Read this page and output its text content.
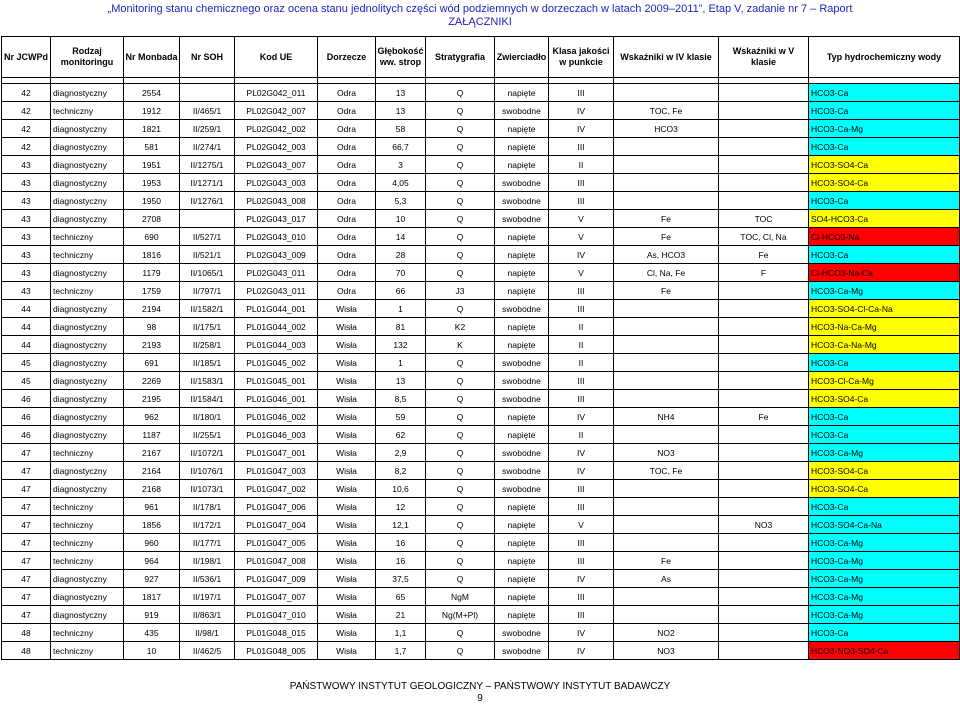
„Monitoring stanu chemicznego oraz ocena stanu jednolitych części wód podziemnych w dorzeczach w latach 2009–2011”, Etap V, zadanie nr 7 – Raport
ZAŁĄCZNIKI
Nr JCWPd	Rodzaj monitoringu	Nr Monbada	Nr SOH	Kod UE	Dorzecze	Głębokość ww. strop	Stratygrafia	Zwierciadło	Klasa jakości w punkcie	Wskaźniki w IV klasie	Wskaźniki w V klasie	Typ hydrochemiczny wody

42	diagnostyczny	2554		PL02G042_011	Odra	13	Q	napięte	III			HCO3-Ca
42	techniczny	1912	II/465/1	PL02G042_007	Odra	13	Q	swobodne	IV	TOC, Fe		HCO3-Ca
42	diagnostyczny	1821	II/259/1	PL02G042_002	Odra	58	Q	napięte	IV	HCO3		HCO3-Ca-Mg
42	diagnostyczny	581	II/274/1	PL02G042_003	Odra	66,7	Q	napięte	III			HCO3-Ca
43	diagnostyczny	1951	II/1275/1	PL02G043_007	Odra	3	Q	napięte	II			HCO3-SO4-Ca
43	diagnostyczny	1953	II/1271/1	PL02G043_003	Odra	4,05	Q	swobodne	III			HCO3-SO4-Ca
43	diagnostyczny	1950	II/1276/1	PL02G043_008	Odra	5,3	Q	swobodne	III			HCO3-Ca
43	diagnostyczny	2708		PL02G043_017	Odra	10	Q	swobodne	V	Fe	TOC	SO4-HCO3-Ca
43	techniczny	690	II/527/1	PL02G043_010	Odra	14	Q	napięte	V	Fe	TOC, Cl, Na	Cl-HCO3-Na
43	techniczny	1816	II/521/1	PL02G043_009	Odra	28	Q	napięte	IV	As, HCO3	Fe	HCO3-Ca
43	diagnostyczny	1179	II/1065/1	PL02G043_011	Odra	70	Q	napięte	V	Cl, Na, Fe	F	Cl-HCO3-Na-Ca
43	techniczny	1759	II/797/1	PL02G043_011	Odra	66	J3	napięte	III	Fe		HCO3-Ca-Mg
44	diagnostyczny	2194	II/1582/1	PL01G044_001	Wisła	1	Q	swobodne	III			HCO3-SO4-Cl-Ca-Na
44	diagnostyczny	98	II/175/1	PL01G044_002	Wisła	81	K2	napięte	II			HCO3-Na-Ca-Mg
44	diagnostyczny	2193	II/258/1	PL01G044_003	Wisła	132	K	napięte	II			HCO3-Ca-Na-Mg
45	diagnostyczny	691	II/185/1	PL01G045_002	Wisła	1	Q	swobodne	II			HCO3-Ca
45	diagnostyczny	2269	II/1583/1	PL01G045_001	Wisła	13	Q	swobodne	III			HCO3-Cl-Ca-Mg
46	diagnostyczny	2195	II/1584/1	PL01G046_001	Wisła	8,5	Q	swobodne	III			HCO3-SO4-Ca
46	diagnostyczny	962	II/180/1	PL01G046_002	Wisła	59	Q	napięte	IV	NH4	Fe	HCO3-Ca
46	diagnostyczny	1187	II/255/1	PL01G046_003	Wisła	62	Q	napięte	II			HCO3-Ca
47	techniczny	2167	II/1072/1	PL01G047_001	Wisła	2,9	Q	swobodne	IV	NO3		HCO3-Ca-Mg
47	diagnostyczny	2164	II/1076/1	PL01G047_003	Wisła	8,2	Q	swobodne	IV	TOC, Fe		HCO3-SO4-Ca
47	diagnostyczny	2168	II/1073/1	PL01G047_002	Wisła	10,6	Q	swobodne	III			HCO3-SO4-Ca
47	techniczny	961	II/178/1	PL01G047_006	Wisła	12	Q	napięte	III			HCO3-Ca
47	techniczny	1856	II/172/1	PL01G047_004	Wisła	12,1	Q	napięte	V		NO3	HCO3-SO4-Ca-Na
47	techniczny	960	II/177/1	PL01G047_005	Wisła	16	Q	napięte	III			HCO3-Ca-Mg
47	techniczny	964	II/198/1	PL01G047_008	Wisła	16	Q	napięte	III	Fe		HCO3-Ca-Mg
47	diagnostyczny	927	II/536/1	PL01G047_009	Wisła	37,5	Q	napięte	IV	As		HCO3-Ca-Mg
47	diagnostyczny	1817	II/197/1	PL01G047_007	Wisła	65	NgM	napięte	III			HCO3-Ca-Mg
47	diagnostyczny	919	II/863/1	PL01G047_010	Wisła	21	Ng(M+Pl)	napięte	III			HCO3-Ca-Mg
48	techniczny	435	II/98/1	PL01G048_015	Wisła	1,1	Q	swobodne	IV	NO2		HCO3-Ca
48	techniczny	10	II/462/5	PL01G048_005	Wisła	1,7	Q	swobodne	IV	NO3		HCO3-NO3-SO4-Ca
PAŃSTWOWY INSTYTUT GEOLOGICZNY – PAŃSTWOWY INSTYTUT BADAWCZY
9
